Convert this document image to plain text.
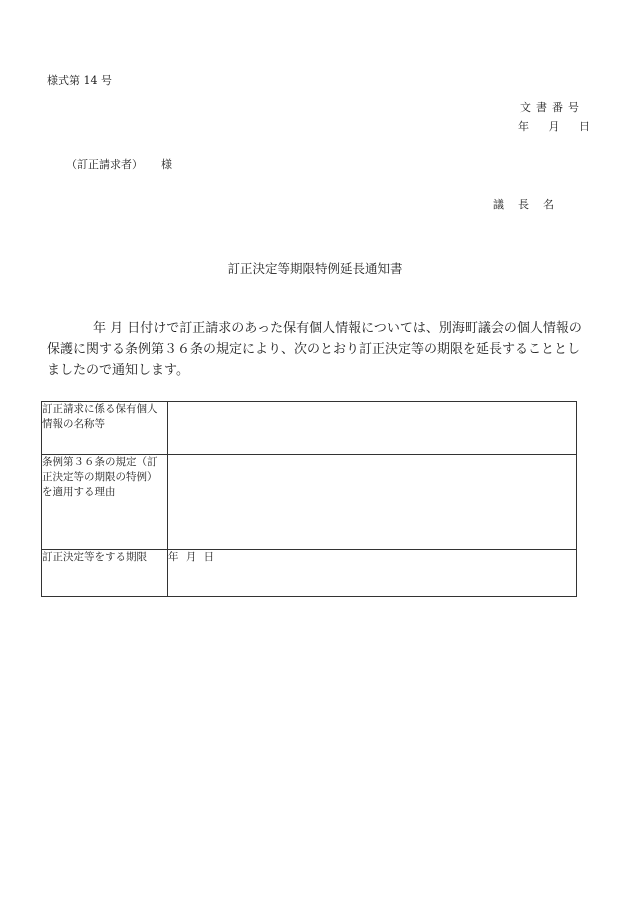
様式第 14 号
文書番号
年 月 日
（訂正請求者） 様
議長名
訂正決定等期限特例延長通知書
年 月 日付けで訂正請求のあった保有個人情報については、別海町議会の個人情報の保護に関する条例第３６条の規定により、次のとおり訂正決定等の期限を延長することとしましたので通知します。
訂正請求に係る保有個人情報の名称等	
条例第３６条の規定（訂正決定等の期限の特例）を適用する理由	
訂正決定等をする期限	年 月 日
